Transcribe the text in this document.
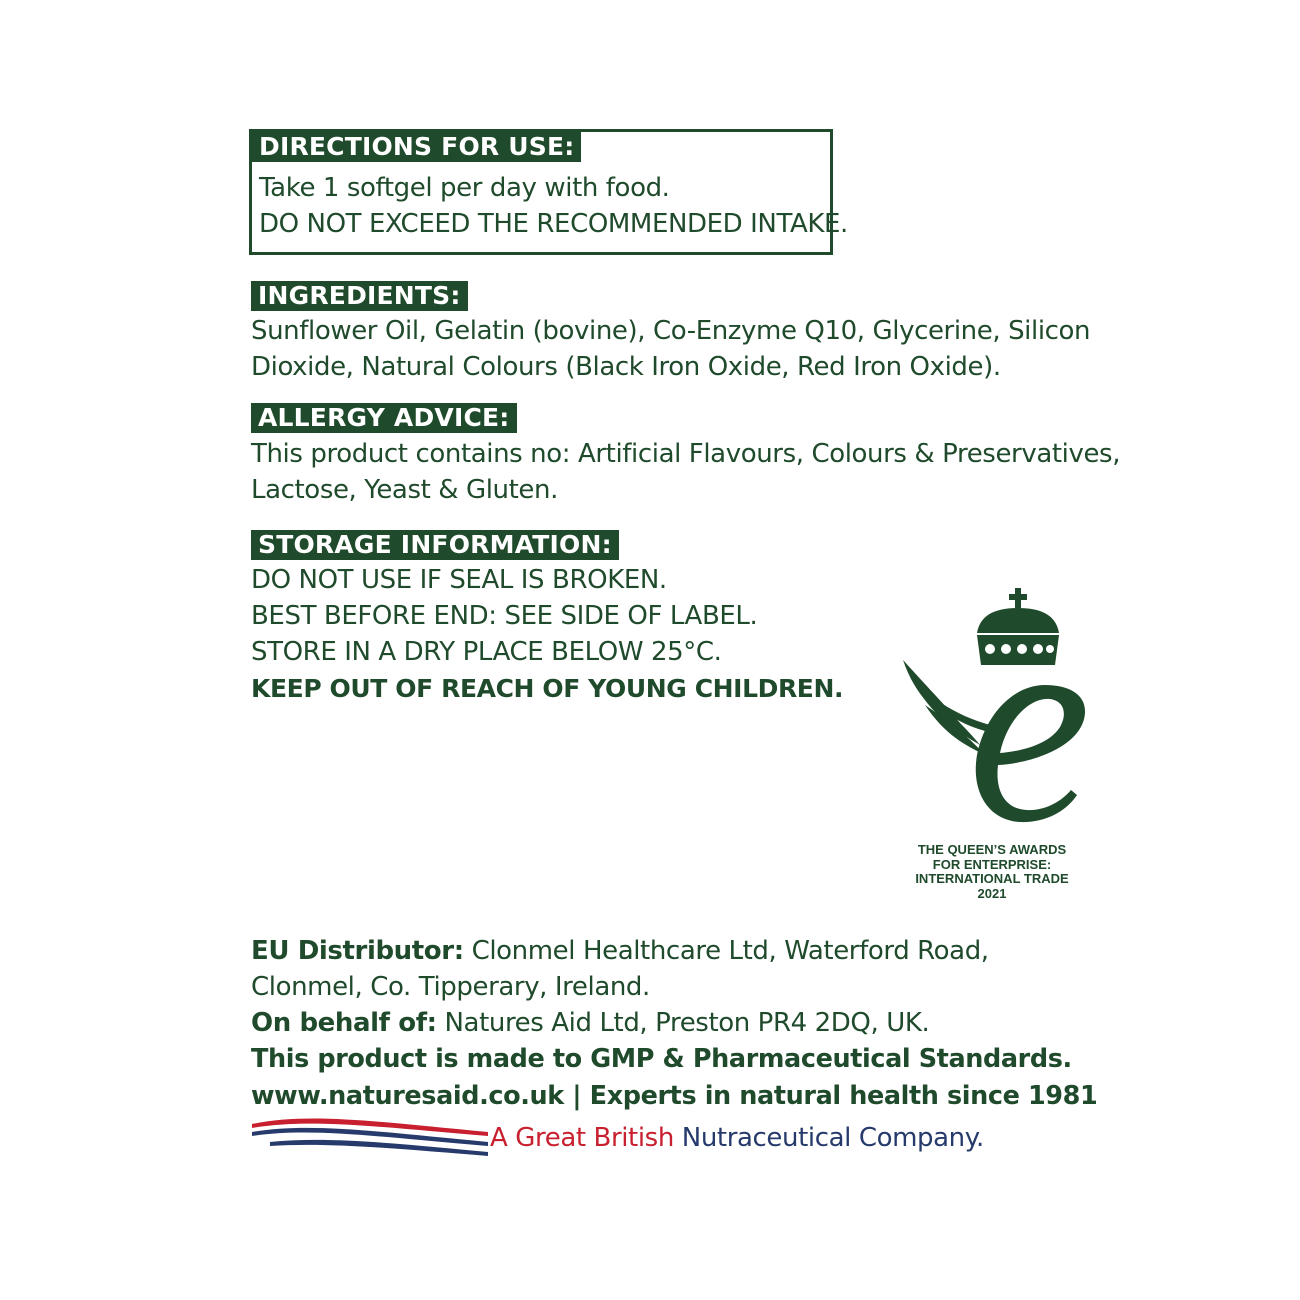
DIRECTIONS FOR USE:
Take 1 softgel per day with food.
DO NOT EXCEED THE RECOMMENDED INTAKE.
INGREDIENTS:
Sunflower Oil, Gelatin (bovine), Co-Enzyme Q10, Glycerine, Silicon
Dioxide, Natural Colours (Black Iron Oxide, Red Iron Oxide).
ALLERGY ADVICE:
This product contains no: Artificial Flavours, Colours & Preservatives,
Lactose, Yeast & Gluten.
STORAGE INFORMATION:
DO NOT USE IF SEAL IS BROKEN.
BEST BEFORE END: SEE SIDE OF LABEL.
STORE IN A DRY PLACE BELOW 25°C.
KEEP OUT OF REACH OF YOUNG CHILDREN.
THE QUEEN’S AWARDS
FOR ENTERPRISE:
INTERNATIONAL TRADE
2021
EU Distributor: Clonmel Healthcare Ltd, Waterford Road,
Clonmel, Co. Tipperary, Ireland.
On behalf of: Natures Aid Ltd, Preston PR4 2DQ, UK.
This product is made to GMP & Pharmaceutical Standards.
www.naturesaid.co.uk | Experts in natural health since 1981
A Great British Nutraceutical Company.
